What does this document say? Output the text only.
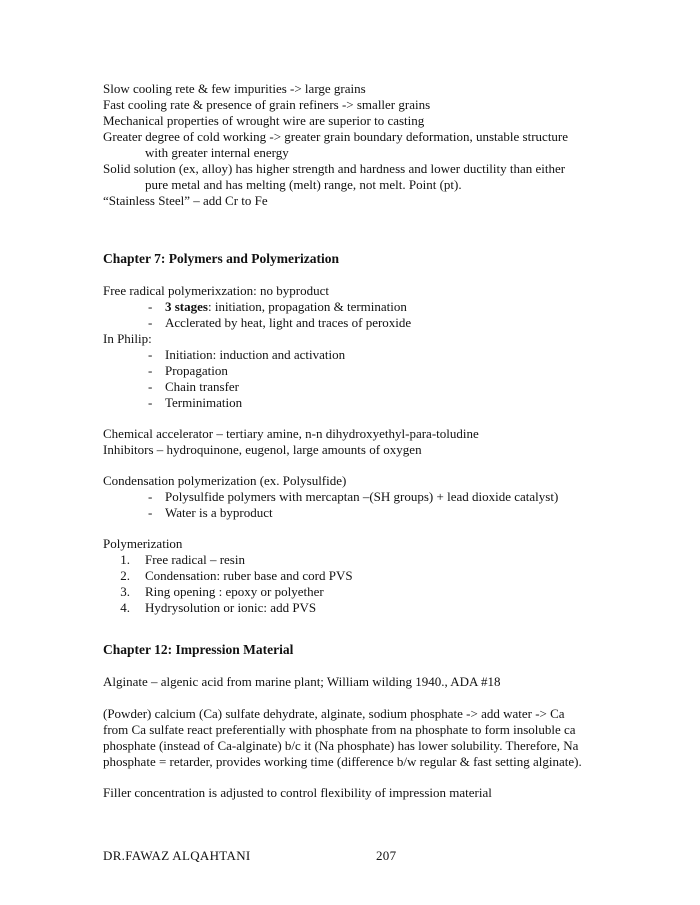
Slow cooling rete & few impurities -> large grains
Fast cooling rate & presence of grain refiners -> smaller grains
Mechanical properties of wrought wire are superior to casting
Greater degree of cold working -> greater grain boundary deformation, unstable structure
with greater internal energy
Solid solution (ex, alloy) has higher strength and hardness and lower ductility than either
pure metal and has melting (melt) range, not melt. Point (pt).
“Stainless Steel” – add Cr to Fe
Chapter 7: Polymers and Polymerization
Free radical polymerixzation: no byproduct
- 3 stages: initiation, propagation & termination
- Acclerated by heat, light and traces of peroxide
In Philip:
- Initiation: induction and activation
- Propagation
- Chain transfer
- Terminimation
Chemical accelerator – tertiary amine, n-n dihydroxyethyl-para-toludine
Inhibitors – hydroquinone, eugenol, large amounts of oxygen
Condensation polymerization (ex. Polysulfide)
- Polysulfide polymers with mercaptan –(SH groups) + lead dioxide catalyst)
- Water is a byproduct
Polymerization
1. Free radical – resin
2. Condensation: ruber base and cord PVS
3. Ring opening : epoxy or polyether
4. Hydrysolution or ionic: add PVS
Chapter 12: Impression Material
Alginate – algenic acid from marine plant; William wilding 1940., ADA #18
(Powder) calcium (Ca) sulfate dehydrate, alginate, sodium phosphate -> add water -> Ca
from Ca sulfate react preferentially with phosphate from na phosphate to form insoluble ca
phosphate (instead of Ca-alginate) b/c it (Na phosphate) has lower solubility. Therefore, Na
phosphate = retarder, provides working time (difference b/w regular & fast setting alginate).
Filler concentration is adjusted to control flexibility of impression material
DR.FAWAZ ALQAHTANI	207
